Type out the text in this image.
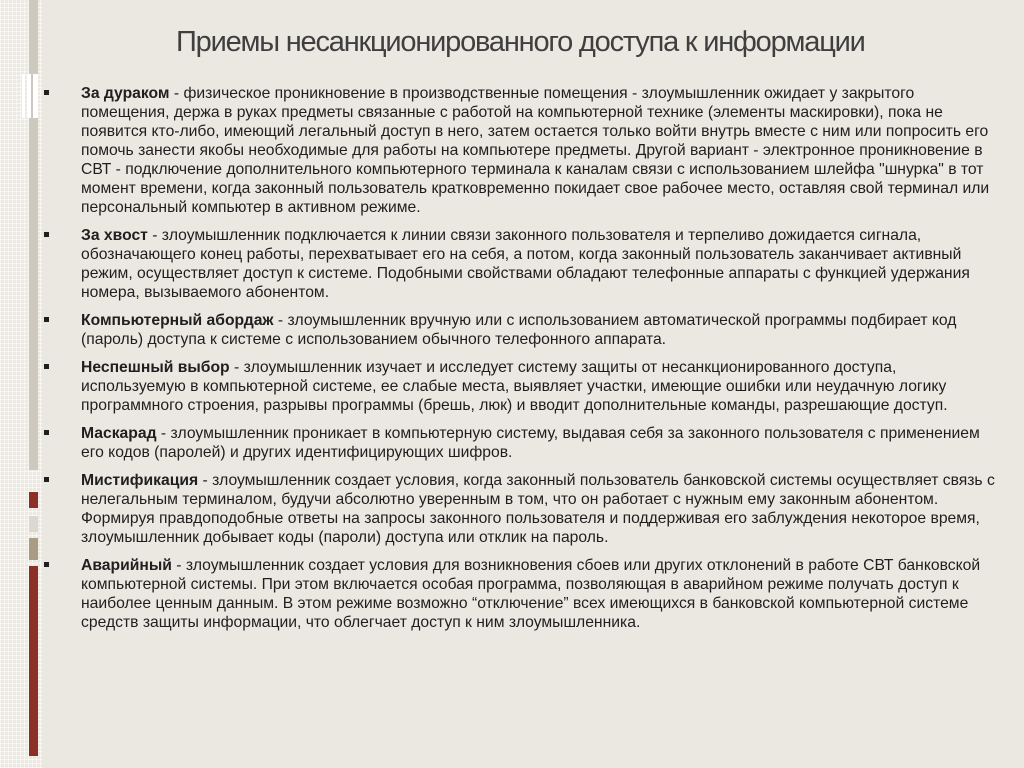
Приемы несанкционированного доступа к информации
За дураком - физическое проникновение в производственные помещения - злоумышленник ожидает у закрытого помещения, держа в руках предметы связанные с работой на компьютерной технике (элементы маскировки), пока не появится кто-либо, имеющий легальный доступ в него, затем остается только войти внутрь вместе с ним или попросить его помочь занести якобы необходимые для работы на компьютере предметы. Другой вариант - электронное проникновение в СВТ - подключение дополнительного компьютерного терминала к каналам связи с использованием шлейфа "шнурка" в тот момент времени, когда законный пользователь кратковременно покидает свое рабочее место, оставляя свой терминал или персональный компьютер в активном режиме.
За хвост - злоумышленник подключается к линии связи законного пользователя и терпеливо дожидается сигнала, обозначающего конец работы, перехватывает его на себя, а потом, когда законный пользователь заканчивает активный режим, осуществляет доступ к системе. Подобными свойствами обладают телефонные аппараты с функцией удержания номера, вызываемого абонентом.
Компьютерный абордаж - злоумышленник вручную или с использованием автоматической программы подбирает код (пароль) доступа к системе с использованием обычного телефонного аппарата.
Неспешный выбор - злоумышленник изучает и исследует систему защиты от несанкционированного доступа, используемую в компьютерной системе, ее слабые места, выявляет участки, имеющие ошибки или неудачную логику программного строения, разрывы программы (брешь, люк) и вводит дополнительные команды, разрешающие доступ.
Маскарад - злоумышленник проникает в компьютерную систему, выдавая себя за законного пользователя с применением его кодов (паролей) и других идентифицирующих шифров.
Мистификация - злоумышленник создает условия, когда законный пользователь банковской системы осуществляет связь с нелегальным терминалом, будучи абсолютно уверенным в том, что он работает с нужным ему законным абонентом. Формируя правдоподобные ответы на запросы законного пользователя и поддерживая его заблуждения некоторое время, злоумышленник добывает коды (пароли) доступа или отклик на пароль.
Аварийный - злоумышленник создает условия для возникновения сбоев или других отклонений в работе СВТ банковской компьютерной системы. При этом включается особая программа, позволяющая в аварийном режиме получать доступ к наиболее ценным данным. В этом режиме возможно “отключение” всех имеющихся в банковской компьютерной системе средств защиты информации, что облегчает доступ к ним злоумышленника.
